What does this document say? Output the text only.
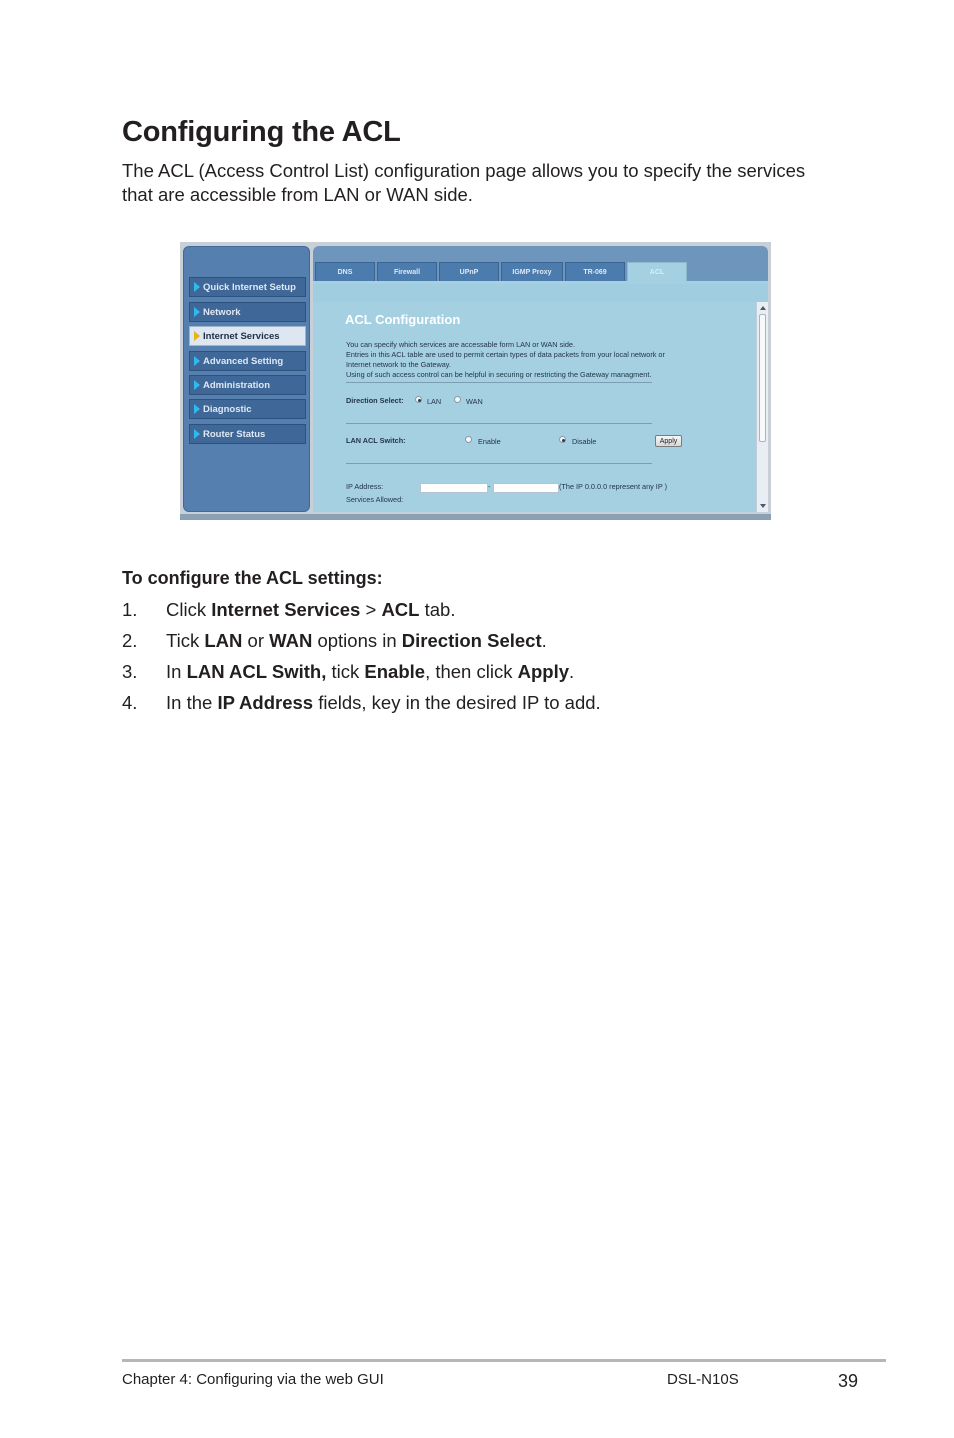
Configuring the ACL

The ACL (Access Control List) configuration page allows you to specify the services that are accessible from LAN or WAN side.

Quick Internet Setup
Network
Internet Services
Advanced Setting
Administration
Diagnostic
Router Status
DNS	Firewall	UPnP	IGMP Proxy	TR-069	ACL
ACL Configuration
You can specify which services are accessable form LAN or WAN side.
Entries in this ACL table are used to permit certain types of data packets from your local network or
Internet network to the Gateway.
Using of such access control can be helpful in securing or restricting the Gateway managment.
Direction Select:	LAN	WAN
LAN ACL Switch:	Enable	Disable	Apply
IP Address:	-	(The IP 0.0.0.0 represent any IP )
Services Allowed:
To configure the ACL settings:
1. Click Internet Services > ACL tab.
2. Tick LAN or WAN options in Direction Select.
3. In LAN ACL Swith, tick Enable, then click Apply.
4. In the IP Address fields, key in the desired IP to add.
Chapter 4: Configuring via the web GUI	DSL-N10S	39
